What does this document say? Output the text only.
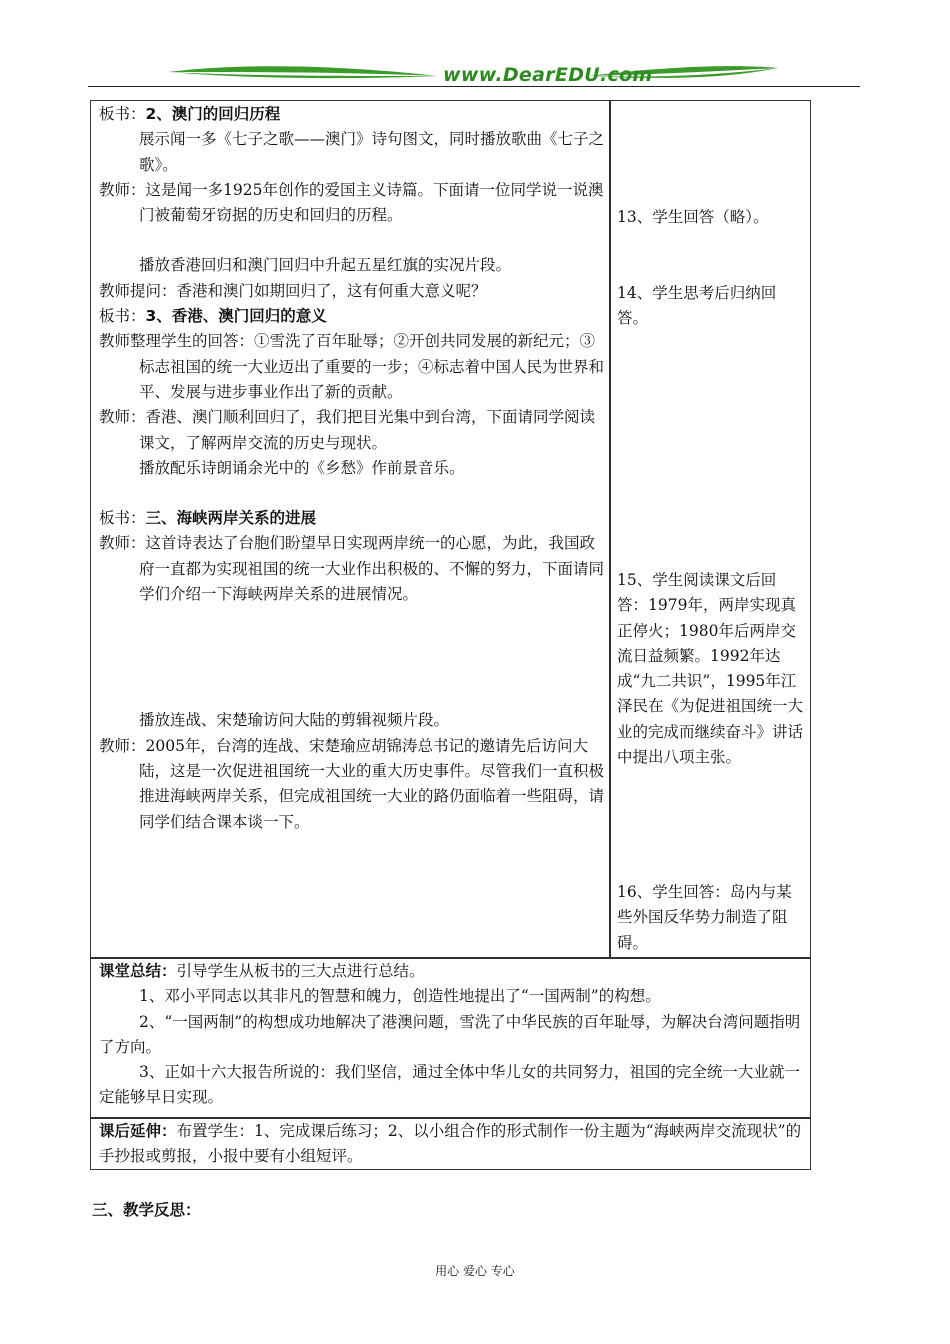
www.DearEDU.com

板书：2、澳门的回归历程

展示闻一多《七子之歌——澳门》诗句图文，同时播放歌曲《七子之歌》。

教师：这是闻一多1925年创作的爱国主义诗篇。下面请一位同学说一说澳门被葡萄牙窃据的历史和回归的历程。

播放香港回归和澳门回归中升起五星红旗的实况片段。

教师提问：香港和澳门如期回归了，这有何重大意义呢？

板书：3、香港、澳门回归的意义

教师整理学生的回答：①雪洗了百年耻辱；②开创共同发展的新纪元；③标志祖国的统一大业迈出了重要的一步；④标志着中国人民为世界和平、发展与进步事业作出了新的贡献。

教师：香港、澳门顺利回归了，我们把目光集中到台湾，下面请同学阅读课文，了解两岸交流的历史与现状。

播放配乐诗朗诵余光中的《乡愁》作前景音乐。

板书：三、海峡两岸关系的进展

教师：这首诗表达了台胞们盼望早日实现两岸统一的心愿，为此，我国政府一直都为实现祖国的统一大业作出积极的、不懈的努力，下面请同学们介绍一下海峡两岸关系的进展情况。

播放连战、宋楚瑜访问大陆的剪辑视频片段。

教师：2005年，台湾的连战、宋楚瑜应胡锦涛总书记的邀请先后访问大陆，这是一次促进祖国统一大业的重大历史事件。尽管我们一直积极推进海峡两岸关系，但完成祖国统一大业的路仍面临着一些阻碍，请同学们结合课本谈一下。

13、学生回答（略）。
14、学生思考后归纳回答。
15、学生阅读课文后回答：1979年，两岸实现真正停火；1980年后两岸交流日益频繁。1992年达成“九二共识”，1995年江泽民在《为促进祖国统一大业的完成而继续奋斗》讲话中提出八项主张。
16、学生回答：岛内与某些外国反华势力制造了阻碍。

课堂总结：引导学生从板书的三大点进行总结。

1、邓小平同志以其非凡的智慧和魄力，创造性地提出了“一国两制”的构想。

2、“一国两制”的构想成功地解决了港澳问题，雪洗了中华民族的百年耻辱，为解决台湾问题指明了方向。

3、正如十六大报告所说的：我们坚信，通过全体中华儿女的共同努力，祖国的完全统一大业就一定能够早日实现。

课后延伸：布置学生：1、完成课后练习；2、以小组合作的形式制作一份主题为“海峡两岸交流现状”的手抄报或剪报，小报中要有小组短评。

三、教学反思：
用心 爱心 专心
